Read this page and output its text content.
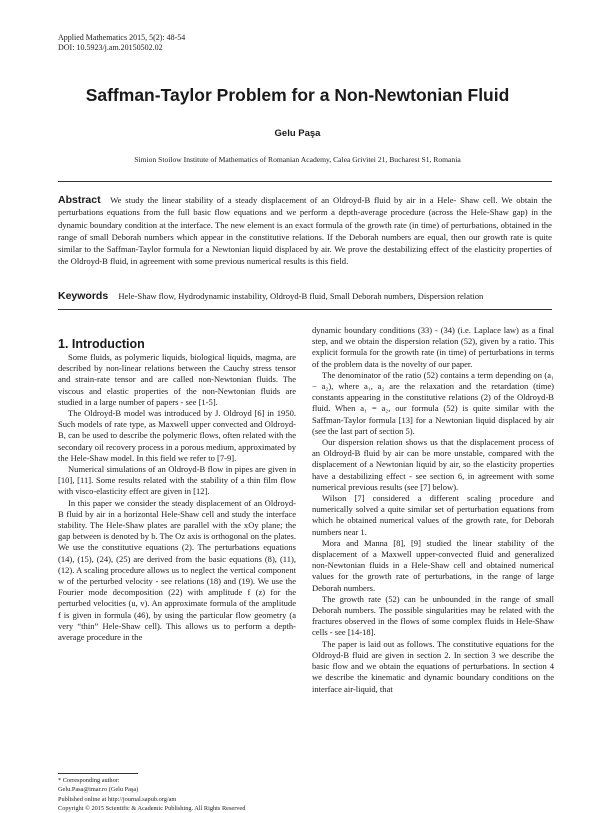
Applied Mathematics 2015, 5(2): 48-54
DOI: 10.5923/j.am.20150502.02
Saffman-Taylor Problem for a Non-Newtonian Fluid
Gelu Paşa
Simion Stoilow Institute of Mathematics of Romanian Academy, Calea Grivitei 21, Bucharest S1, Romania
Abstract We study the linear stability of a steady displacement of an Oldroyd-B fluid by air in a Hele- Shaw cell. We obtain the perturbations equations from the full basic flow equations and we perform a depth-average procedure (across the Hele-Shaw gap) in the dynamic boundary condition at the interface. The new element is an exact formula of the growth rate (in time) of perturbations, obtained in the range of small Deborah numbers which appear in the constitutive relations. If the Deborah numbers are equal, then our growth rate is quite similar to the Saffman-Taylor formula for a Newtonian liquid displaced by air. We prove the destabilizing effect of the elasticity properties of the Oldroyd-B fluid, in agreement with some previous numerical results is this field.
Keywords Hele-Shaw flow, Hydrodynamic instability, Oldroyd-B fluid, Small Deborah numbers, Dispersion relation
1. Introduction

Some fluids, as polymeric liquids, biological liquids, magma, are described by non-linear relations between the Cauchy stress tensor and strain-rate tensor and are called non-Newtonian fluids. The viscous and elastic properties of the non-Newtonian fluids are studied in a large number of papers - see [1-5].

The Oldroyd-B model was introduced by J. Oldroyd [6] in 1950. Such models of rate type, as Maxwell upper convected and Oldroyd-B, can be used to describe the polymeric flows, often related with the secondary oil recovery process in a porous medium, approximated by the Hele-Shaw model. In this field we refer to [7-9].

Numerical simulations of an Oldroyd-B flow in pipes are given in [10], [11]. Some results related with the stability of a thin film flow with visco-elasticity effect are given in [12].

In this paper we consider the steady displacement of an Oldroyd-B fluid by air in a horizontal Hele-Shaw cell and study the interface stability. The Hele-Shaw plates are parallel with the xOy plane; the gap between is denoted by b. The Oz axis is orthogonal on the plates. We use the constitutive equations (2). The perturbations equations (14), (15), (24), (25) are derived from the basic equations (8), (11), (12). A scaling procedure allows us to neglect the vertical component w of the perturbed velocity - see relations (18) and (19). We use the Fourier mode decomposition (22) with amplitude f (z) for the perturbed velocities (u, v). An approximate formula of the amplitude f is given in formula (46), by using the particular flow geometry (a very “thin” Hele-Shaw cell). This allows us to perform a depth-average procedure in the

dynamic boundary conditions (33) - (34) (i.e. Laplace law) as a final step, and we obtain the dispersion relation (52), given by a ratio. This explicit formula for the growth rate (in time) of perturbations in terms of the problem data is the novelty of our paper.

The denominator of the ratio (52) contains a term depending on (a₁ − a₂), where a₁, a₂ are the relaxation and the retardation (time) constants appearing in the constitutive relations (2) of the Oldroyd-B fluid. When a₁ = a₂, our formula (52) is quite similar with the Saffman-Taylor formula [13] for a Newtonian liquid displaced by air (see the last part of section 5).

Our dispersion relation shows us that the displacement process of an Oldroyd-B fluid by air can be more unstable, compared with the displacement of a Newtonian liquid by air, so the elasticity properties have a destabilizing effect - see section 6, in agreement with some numerical previous results (see [7] below).

Wilson [7] considered a different scaling procedure and numerically solved a quite similar set of perturbation equations from which he obtained numerical values of the growth rate, for Deborah numbers near 1.

Mora and Manna [8], [9] studied the linear stability of the displacement of a Maxwell upper-convected fluid and generalized non-Newtonian fluids in a Hele-Shaw cell and obtained numerical values for the growth rate of perturbations, in the range of large Deborah numbers.

The growth rate (52) can be unbounded in the range of small Deborah numbers. The possible singularities may be related with the fractures observed in the flows of some complex fluids in Hele-Shaw cells - see [14-18].

The paper is laid out as follows. The constitutive equations for the Oldroyd-B fluid are given in section 2. In section 3 we describe the basic flow and we obtain the equations of perturbations. In section 4 we describe the kinematic and dynamic boundary conditions on the interface air-liquid, that

* Corresponding author:
Gelu.Pasa@imar.ro (Gelu Paşa)
Published online at http://journal.sapub.org/am
Copyright © 2015 Scientific & Academic Publishing. All Rights Reserved
